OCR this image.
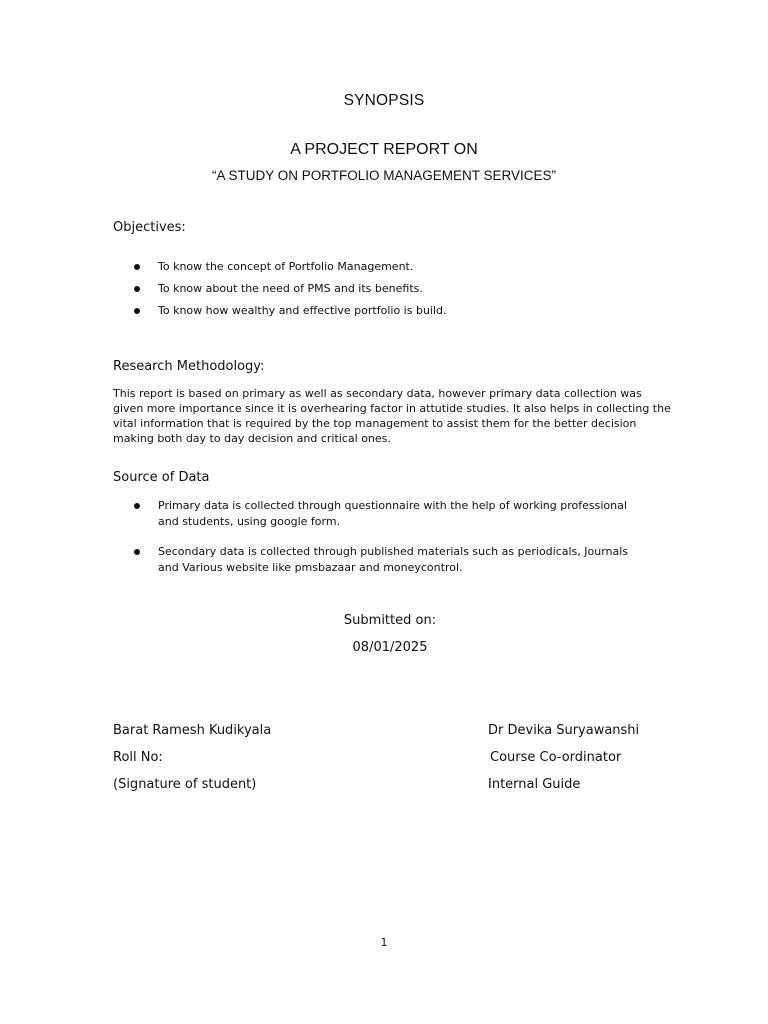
SYNOPSIS
A PROJECT REPORT ON
“A STUDY ON PORTFOLIO MANAGEMENT SERVICES”
Objectives:
To know the concept of Portfolio Management.
To know about the need of PMS and its benefits.
To know how wealthy and effective portfolio is build.
Research Methodology:
This report is based on primary as well as secondary data, however primary data collection was given more importance since it is overhearing factor in attutide studies. It also helps in collecting the vital information that is required by the top management to assist them for the better decision making both day to day decision and critical ones.
Source of Data
Primary data is collected through questionnaire with the help of working professional and students, using google form.
Secondary data is collected through published materials such as periodicals, Journals and Various website like pmsbazaar and moneycontrol.
Submitted on:
08/01/2025
Barat Ramesh Kudikyala
Roll No:
(Signature of student)
Dr Devika Suryawanshi
Course Co-ordinator
Internal Guide
1
